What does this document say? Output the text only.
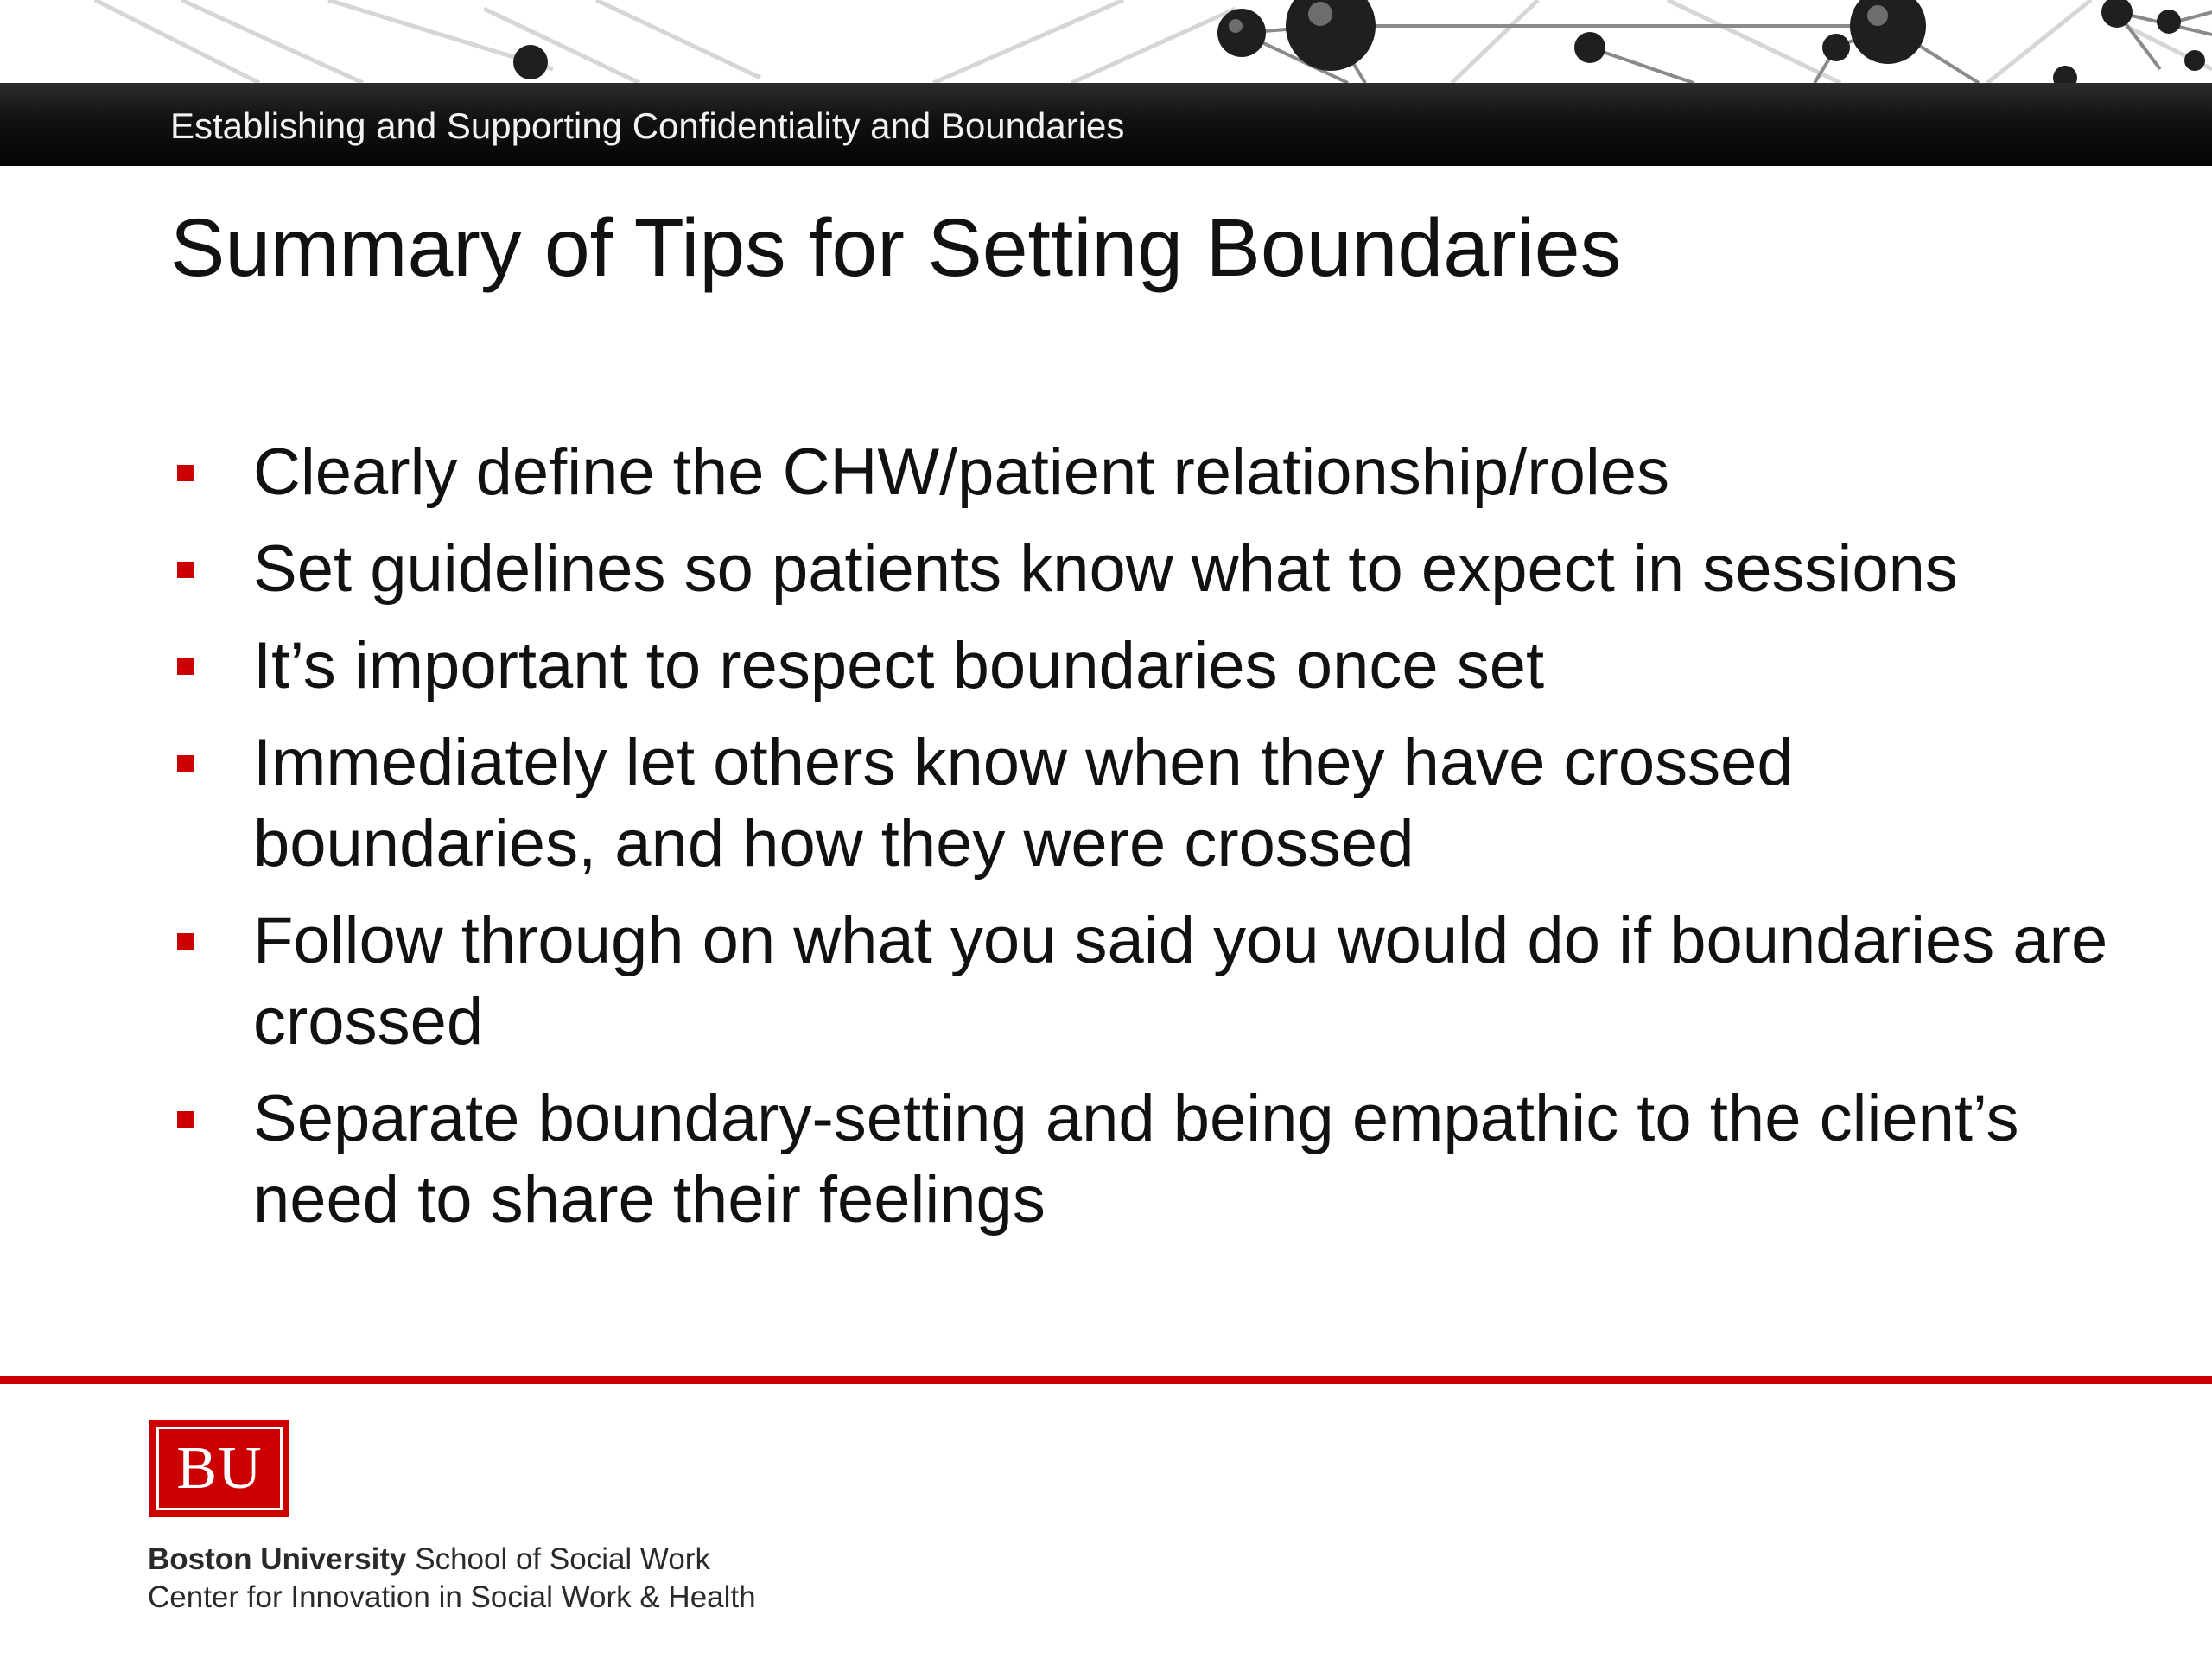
Establishing and Supporting Confidentiality and Boundaries
Summary of Tips for Setting Boundaries
Clearly define the CHW/patient relationship/roles
Set guidelines so patients know what to expect in sessions
It’s important to respect boundaries once set
Immediately let others know when they have crossed boundaries, and how they were crossed
Follow through on what you said you would do if boundaries are crossed
Separate boundary-setting and being empathic to the client’s need to share their feelings
BU
Boston University School of Social Work
Center for Innovation in Social Work & Health
